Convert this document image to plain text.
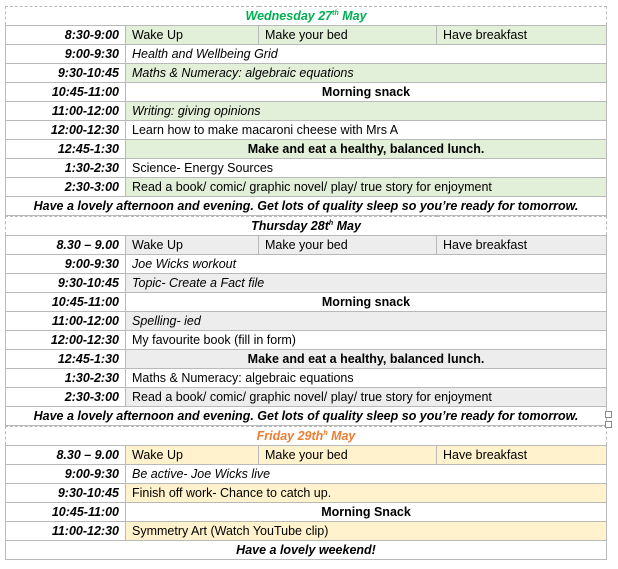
Wednesday 27th May			
8:30-9:00	Wake Up	Make your bed	Have breakfast
9:00-9:30	Health and Wellbeing Grid		
9:30-10:45	Maths & Numeracy: algebraic equations		
10:45-11:00	Morning snack		
11:00-12:00	Writing: giving opinions		
12:00-12:30	Learn how to make macaroni cheese with Mrs A		
12:45-1:30	Make and eat a healthy, balanced lunch.		
1:30-2:30	Science- Energy Sources		
2:30-3:00	Read a book/ comic/ graphic novel/ play/ true story for enjoyment		
Have a lovely afternoon and evening. Get lots of quality sleep so you’re ready for tomorrow.			
Thursday $28t^h$ May			
8.30 – 9.00	Wake Up	Make your bed	Have breakfast
9:00-9:30	Joe Wicks workout		
9:30-10:45	Topic- Create a Fact file		
10:45-11:00	Morning snack		
11:00-12:00	Spelling- ied		
12:00-12:30	My favourite book (fill in form)		
12:45-1:30	Make and eat a healthy, balanced lunch.		
1:30-2:30	Maths & Numeracy: algebraic equations		
2:30-3:00	Read a book/ comic/ graphic novel/ play/ true story for enjoyment		
Have a lovely afternoon and evening. Get lots of quality sleep so you’re ready for tomorrow.			
Friday $29th^h$ May			
8.30 – 9.00	Wake Up	Make your bed	Have breakfast
9:00-9:30	Be active- Joe Wicks live		
9:30-10:45	Finish off work- Chance to catch up.		
10:45-11:00	Morning Snack		
11:00-12:30	Symmetry Art (Watch YouTube clip)		
Have a lovely weekend!			
